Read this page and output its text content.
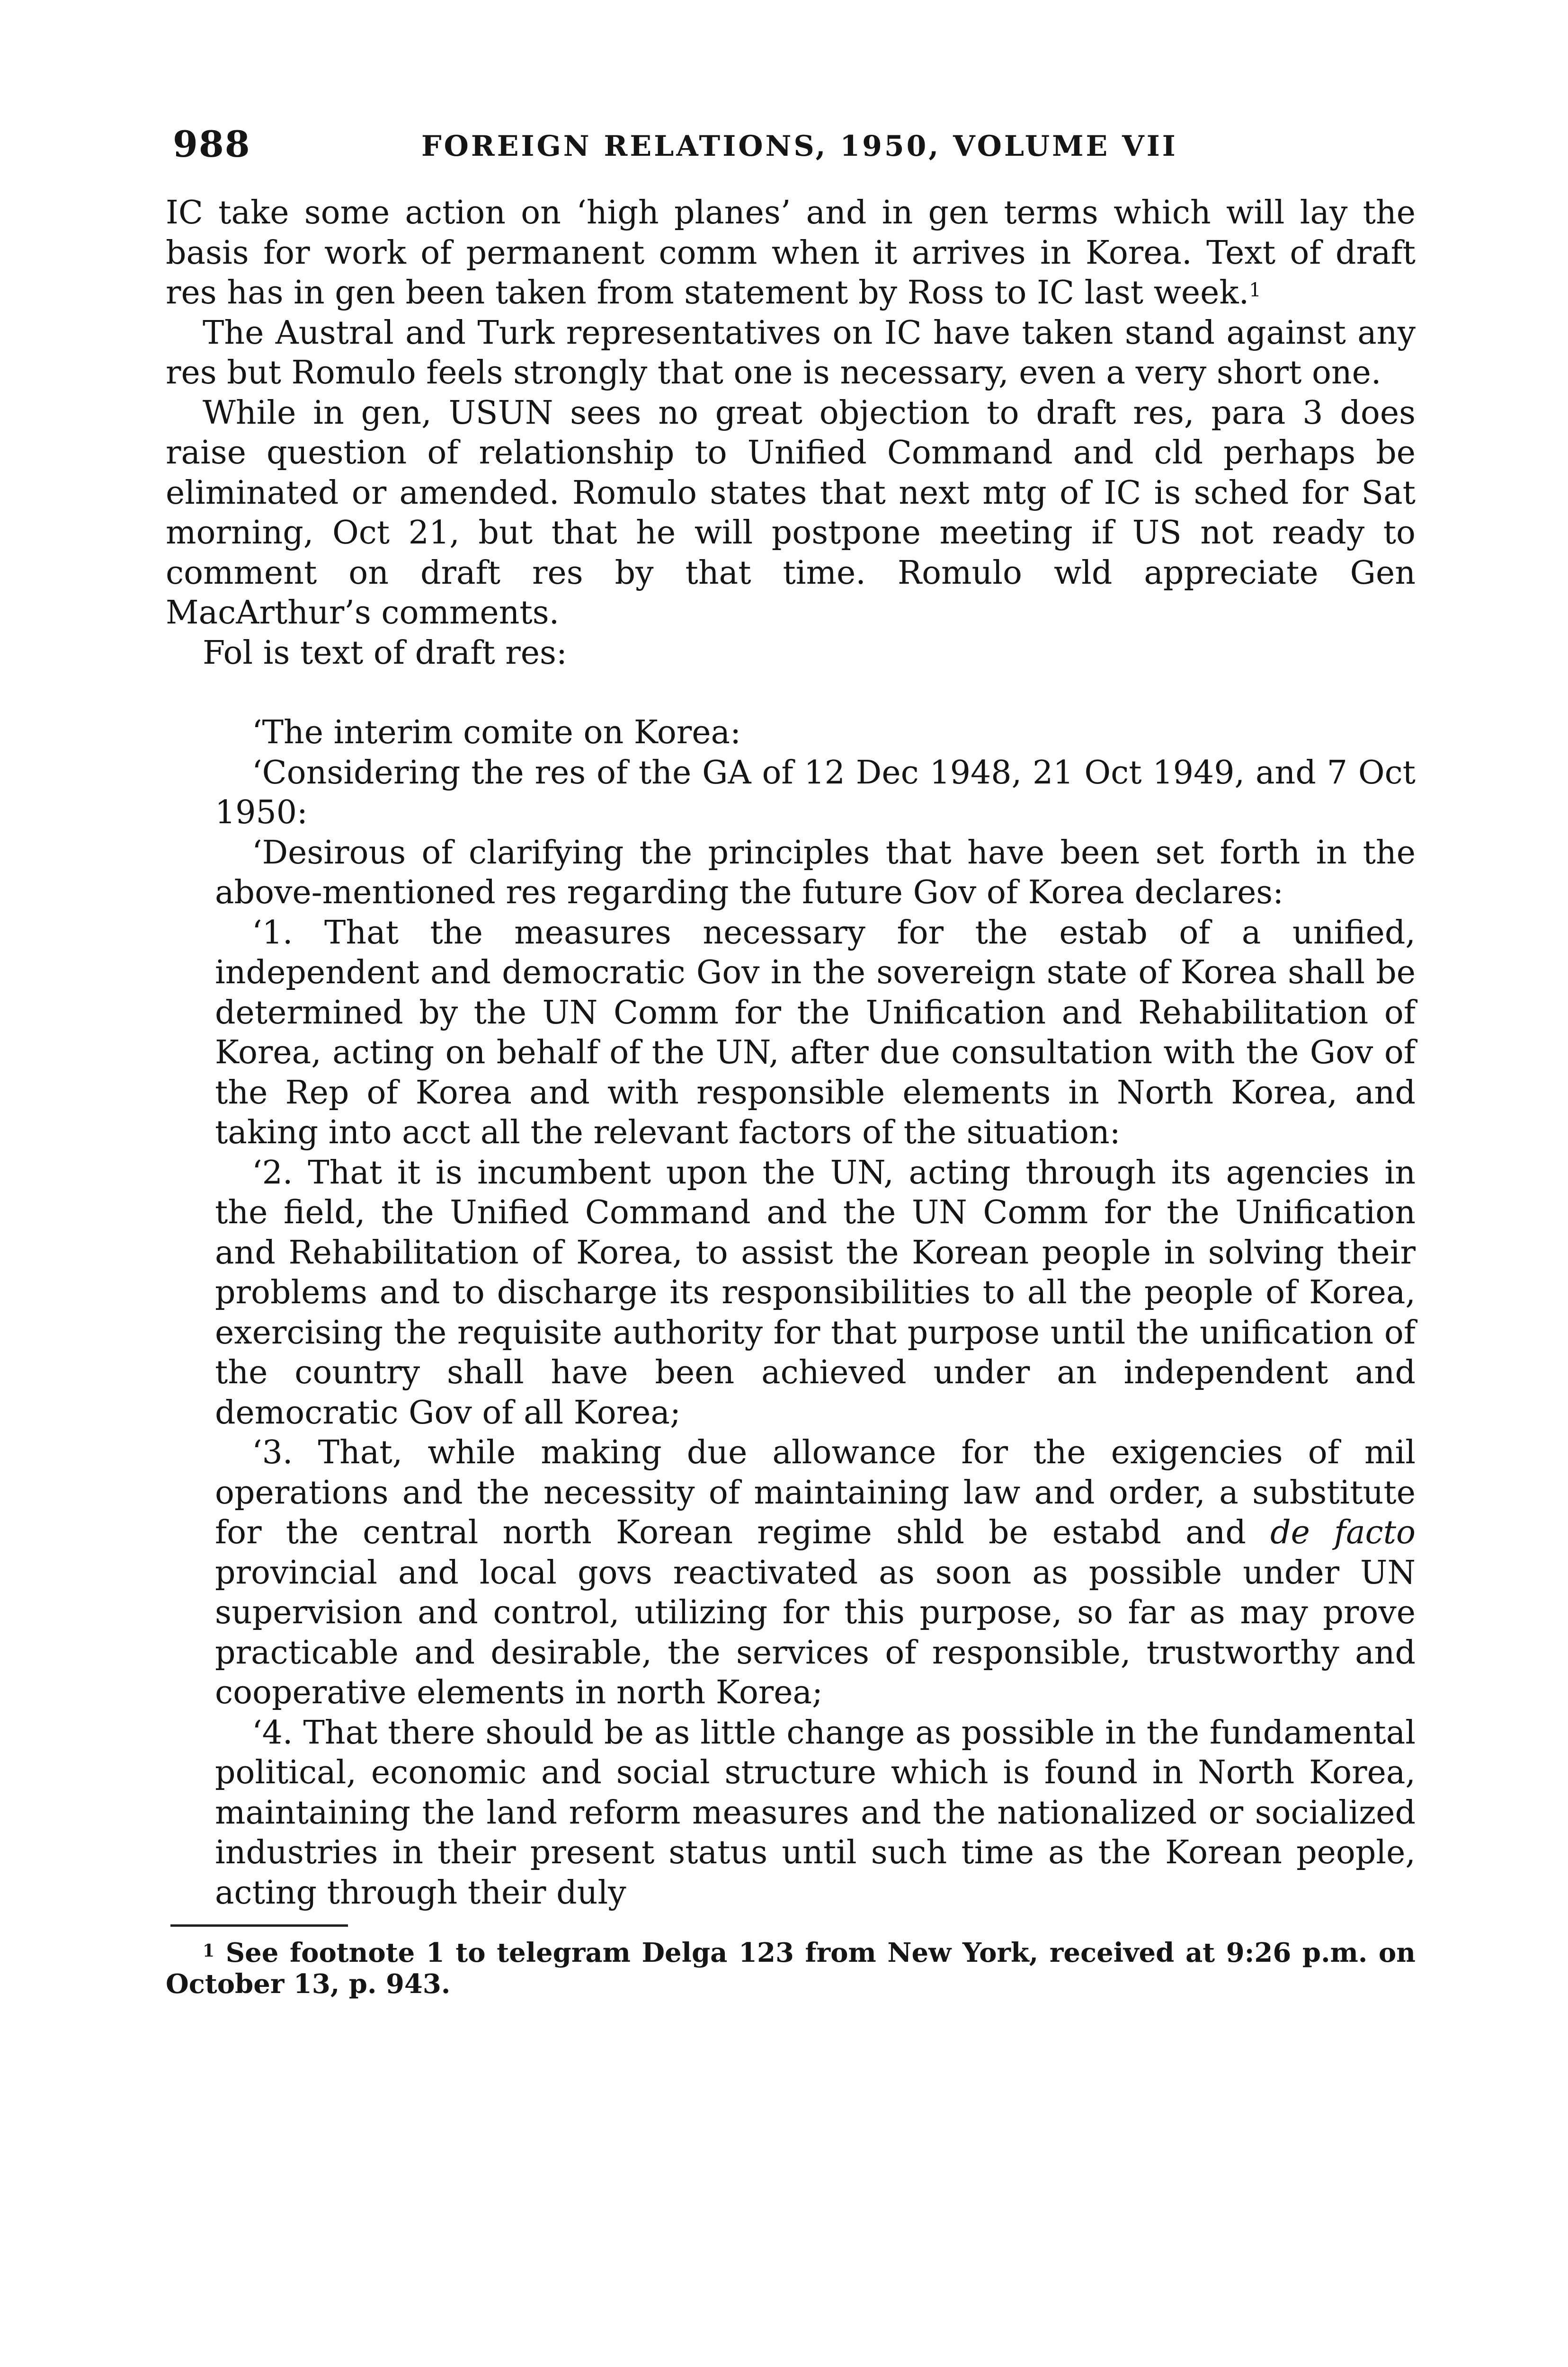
988	FOREIGN RELATIONS, 1950, VOLUME VII

IC take some action on ‘high planes’ and in gen terms which will lay the basis for work of permanent comm when it arrives in Korea. Text of draft res has in gen been taken from statement by Ross to IC last week.$^1$

The Austral and Turk representatives on IC have taken stand against any res but Romulo feels strongly that one is necessary, even a very short one.

While in gen, USUN sees no great objection to draft res, para 3 does raise question of relationship to Unified Command and cld perhaps be eliminated or amended. Romulo states that next mtg of IC is sched for Sat morning, Oct 21, but that he will postpone meeting if US not ready to comment on draft res by that time. Romulo wld appreciate Gen MacArthur’s comments.

Fol is text of draft res:

‘The interim comite on Korea:

‘Considering the res of the GA of 12 Dec 1948, 21 Oct 1949, and 7 Oct 1950:

‘Desirous of clarifying the principles that have been set forth in the above-mentioned res regarding the future Gov of Korea declares:

‘1. That the measures necessary for the estab of a unified, independent and democratic Gov in the sovereign state of Korea shall be determined by the UN Comm for the Unification and Rehabilitation of Korea, acting on behalf of the UN, after due consultation with the Gov of the Rep of Korea and with responsible elements in North Korea, and taking into acct all the relevant factors of the situation:

‘2. That it is incumbent upon the UN, acting through its agencies in the field, the Unified Command and the UN Comm for the Unification and Rehabilitation of Korea, to assist the Korean people in solving their problems and to discharge its responsibilities to all the people of Korea, exercising the requisite authority for that purpose until the unification of the country shall have been achieved under an independent and democratic Gov of all Korea;

‘3. That, while making due allowance for the exigencies of mil operations and the necessity of maintaining law and order, a substitute for the central north Korean regime shld be estabd and de facto provincial and local govs reactivated as soon as possible under UN supervision and control, utilizing for this purpose, so far as may prove practicable and desirable, the services of responsible, trustworthy and cooperative elements in north Korea;

‘4. That there should be as little change as possible in the fundamental political, economic and social structure which is found in North Korea, maintaining the land reform measures and the nationalized or socialized industries in their present status until such time as the Korean people, acting through their duly

$^1$ See footnote 1 to telegram Delga 123 from New York, received at 9:26 p.m. on October 13, p. 943.
